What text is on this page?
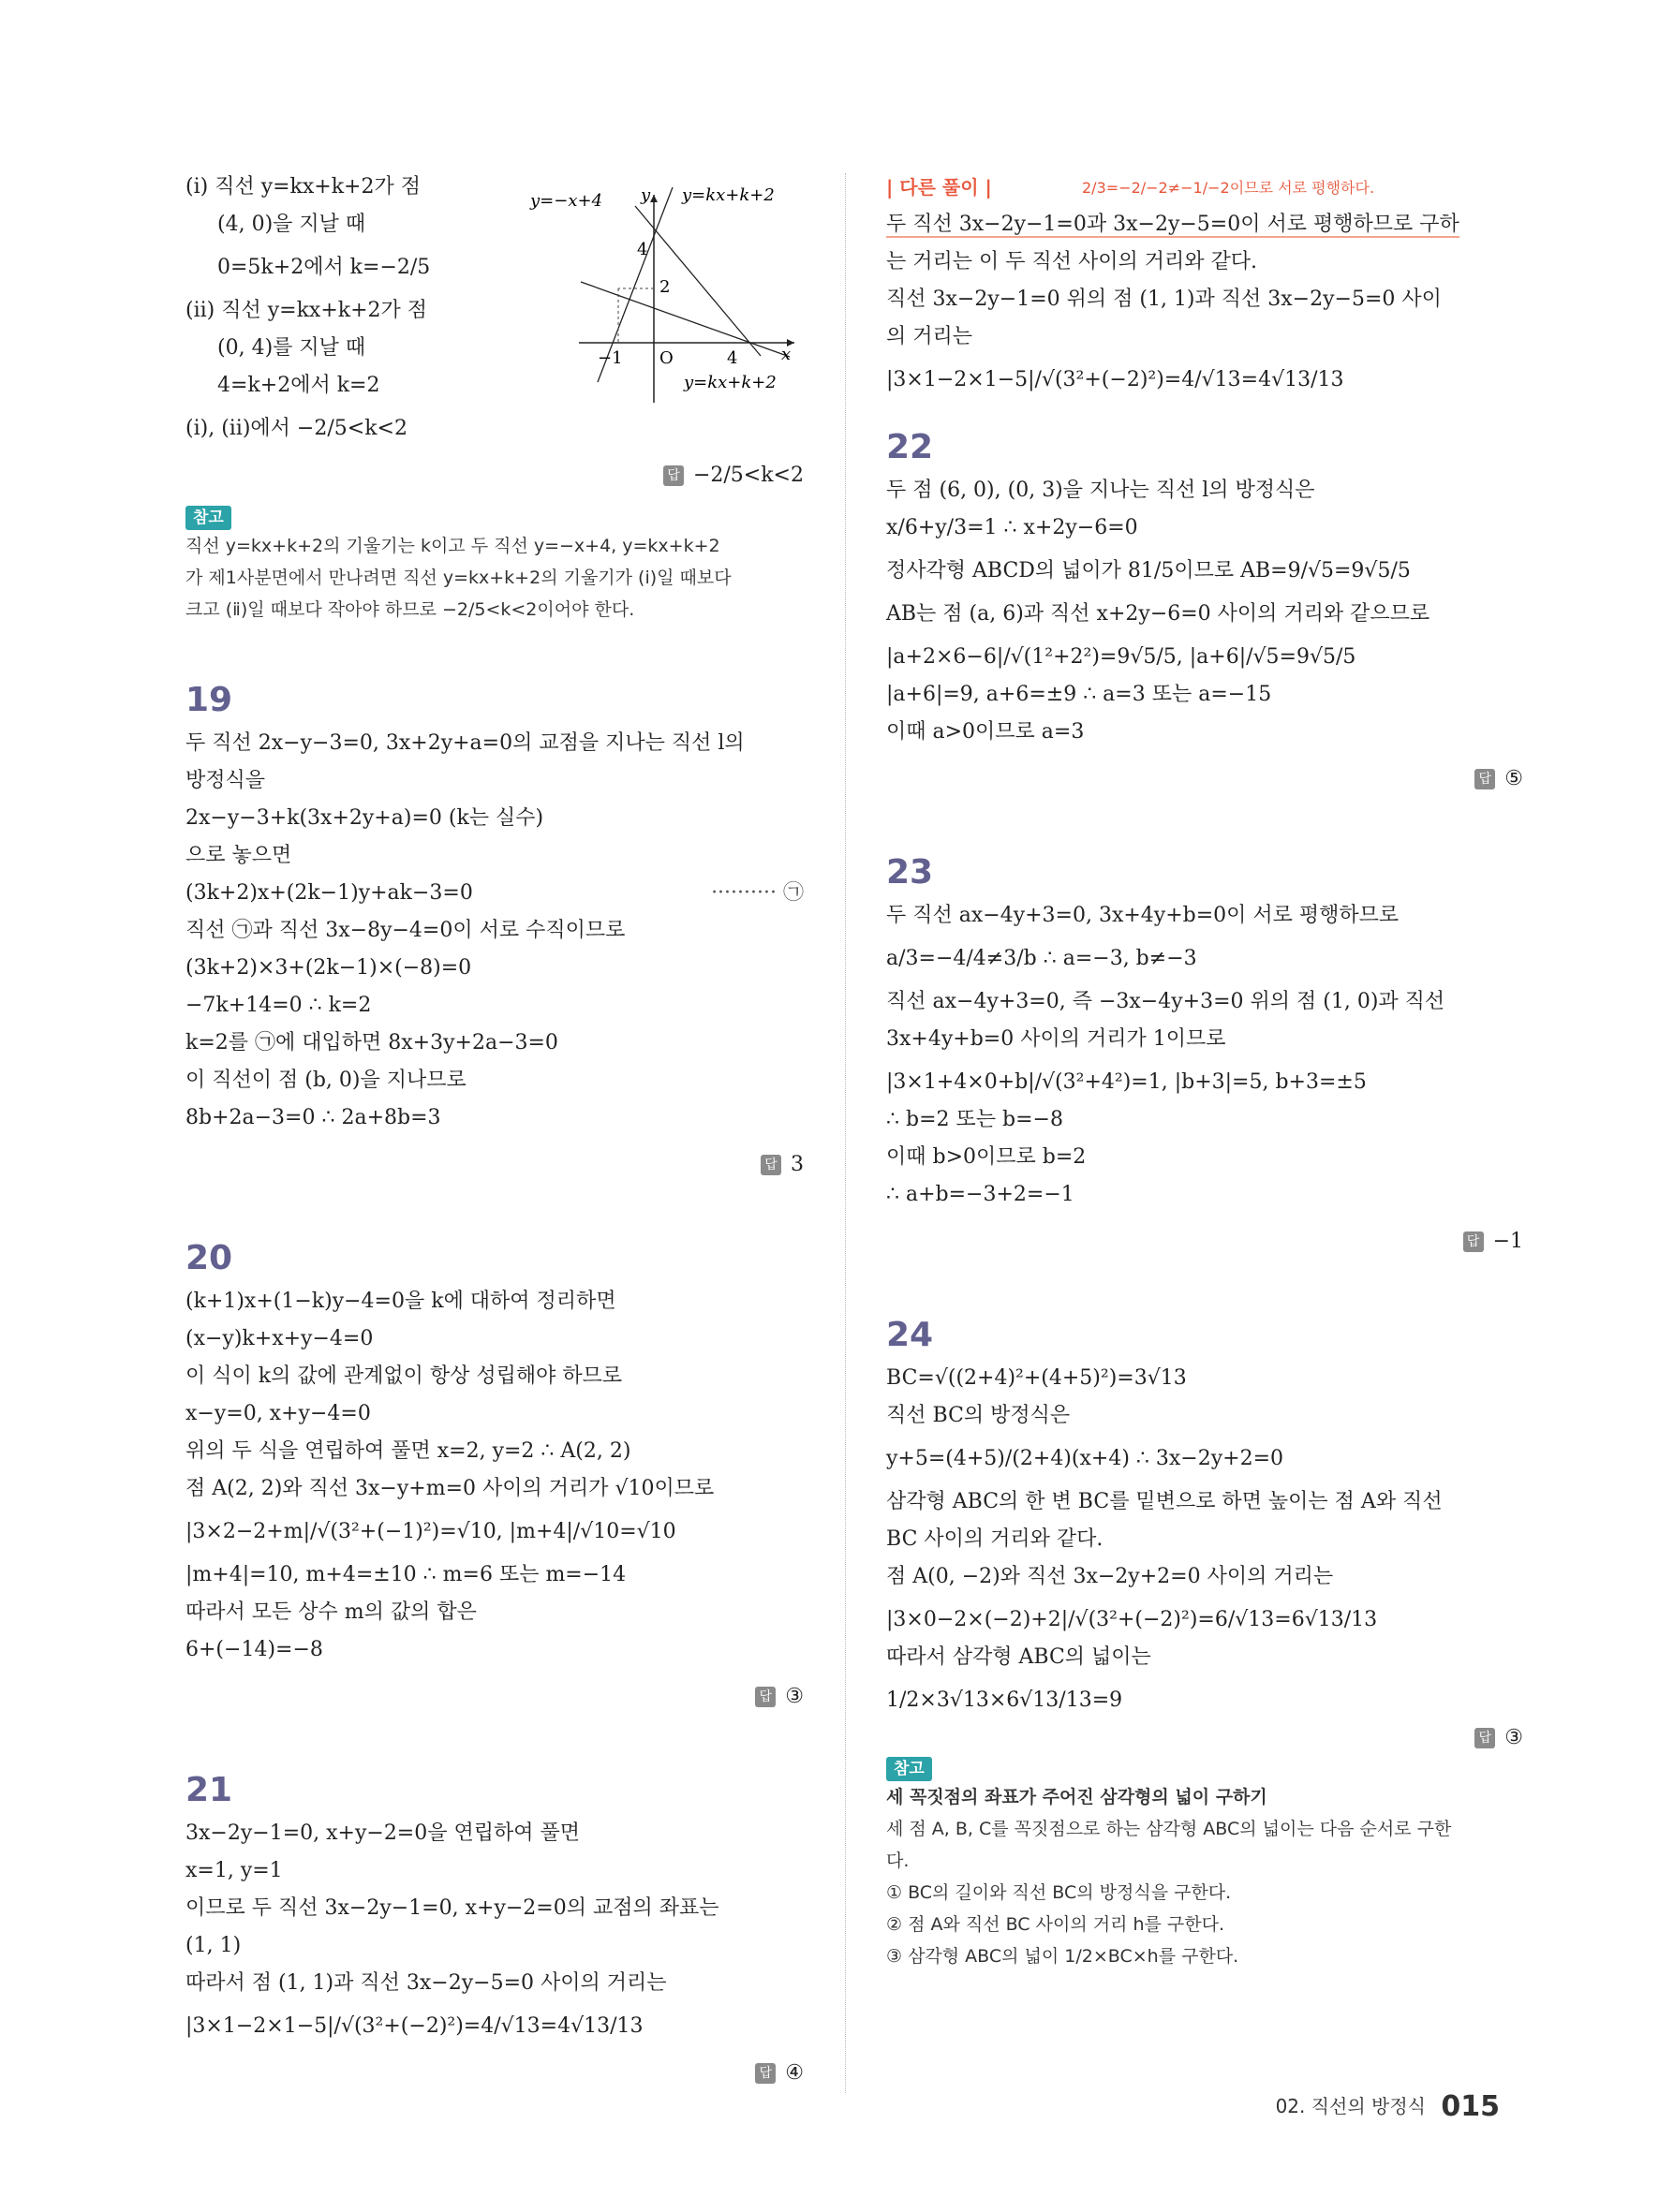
(ⅰ) 직선 y=kx+k+2가 점
(4, 0)을 지날 때
0=5k+2에서 k=−2/5
(ⅱ) 직선 y=kx+k+2가 점
(0, 4)를 지날 때
4=k+2에서 k=2
(ⅰ), (ⅱ)에서 −2/5<k<2
답 −2/5<k<2
참고
직선 y=kx+k+2의 기울기는 k이고 두 직선 y=−x+4, y=kx+k+2
가 제1사분면에서 만나려면 직선 y=kx+k+2의 기울기가 (ⅰ)일 때보다
크고 (ⅱ)일 때보다 작아야 하므로 −2/5<k<2이어야 한다.
19
두 직선 2x−y−3=0, 3x+2y+a=0의 교점을 지나는 직선 l의
방정식을
2x−y−3+k(3x+2y+a)=0 (k는 실수)
으로 놓으면
(3k+2)x+(2k−1)y+ak−3=0	·········· ㉠
직선 ㉠과 직선 3x−8y−4=0이 서로 수직이므로
(3k+2)×3+(2k−1)×(−8)=0
−7k+14=0 ∴ k=2
k=2를 ㉠에 대입하면 8x+3y+2a−3=0
이 직선이 점 (b, 0)을 지나므로
8b+2a−3=0 ∴ 2a+8b=3
답 3
20
(k+1)x+(1−k)y−4=0을 k에 대하여 정리하면
(x−y)k+x+y−4=0
이 식이 k의 값에 관계없이 항상 성립해야 하므로
x−y=0, x+y−4=0
위의 두 식을 연립하여 풀면 x=2, y=2 ∴ A(2, 2)
점 A(2, 2)와 직선 3x−y+m=0 사이의 거리가 √10이므로
|3×2−2+m|/√(3²+(−1)²)=√10, |m+4|/√10=√10
|m+4|=10, m+4=±10 ∴ m=6 또는 m=−14
따라서 모든 상수 m의 값의 합은
6+(−14)=−8
답 ③
21
3x−2y−1=0, x+y−2=0을 연립하여 풀면
x=1, y=1
이므로 두 직선 3x−2y−1=0, x+y−2=0의 교점의 좌표는
(1, 1)
따라서 점 (1, 1)과 직선 3x−2y−5=0 사이의 거리는
|3×1−2×1−5|/√(3²+(−2)²)=4/√13=4√13/13
답 ④
y=−x+4	y=kx+k+2
y=kx+k+2
y
x
O
4
2
−1	4
| 다른 풀이 |
두 직선 3x−2y−1=0과 3x−2y−5=0이 서로 평행하므로 구하
는 거리는 이 두 직선 사이의 거리와 같다.
직선 3x−2y−1=0 위의 점 (1, 1)과 직선 3x−2y−5=0 사이
의 거리는
|3×1−2×1−5|/√(3²+(−2)²)=4/√13=4√13/13
22
두 점 (6, 0), (0, 3)을 지나는 직선 l의 방정식은
x/6+y/3=1 ∴ x+2y−6=0
정사각형 ABCD의 넓이가 81/5이므로 AB=9/√5=9√5/5
AB는 점 (a, 6)과 직선 x+2y−6=0 사이의 거리와 같으므로
|a+2×6−6|/√(1²+2²)=9√5/5, |a+6|/√5=9√5/5
|a+6|=9, a+6=±9 ∴ a=3 또는 a=−15
이때 a>0이므로 a=3
답 ⑤
23
두 직선 ax−4y+3=0, 3x+4y+b=0이 서로 평행하므로
a/3=−4/4≠3/b ∴ a=−3, b≠−3
직선 ax−4y+3=0, 즉 −3x−4y+3=0 위의 점 (1, 0)과 직선
3x+4y+b=0 사이의 거리가 1이므로
|3×1+4×0+b|/√(3²+4²)=1, |b+3|=5, b+3=±5
∴ b=2 또는 b=−8
이때 b>0이므로 b=2
∴ a+b=−3+2=−1
답 −1
24
BC=√((2+4)²+(4+5)²)=3√13
직선 BC의 방정식은
y+5=(4+5)/(2+4)(x+4) ∴ 3x−2y+2=0
삼각형 ABC의 한 변 BC를 밑변으로 하면 높이는 점 A와 직선
BC 사이의 거리와 같다.
점 A(0, −2)와 직선 3x−2y+2=0 사이의 거리는
|3×0−2×(−2)+2|/√(3²+(−2)²)=6/√13=6√13/13
따라서 삼각형 ABC의 넓이는
1/2×3√13×6√13/13=9
답 ③
참고
세 꼭짓점의 좌표가 주어진 삼각형의 넓이 구하기
세 점 A, B, C를 꼭짓점으로 하는 삼각형 ABC의 넓이는 다음 순서로 구한
다.
① BC의 길이와 직선 BC의 방정식을 구한다.
② 점 A와 직선 BC 사이의 거리 h를 구한다.
③ 삼각형 ABC의 넓이 1/2×BC×h를 구한다.
2/3=−2/−2≠−1/−2이므로 서로 평행하다.
02. 직선의 방정식 015
